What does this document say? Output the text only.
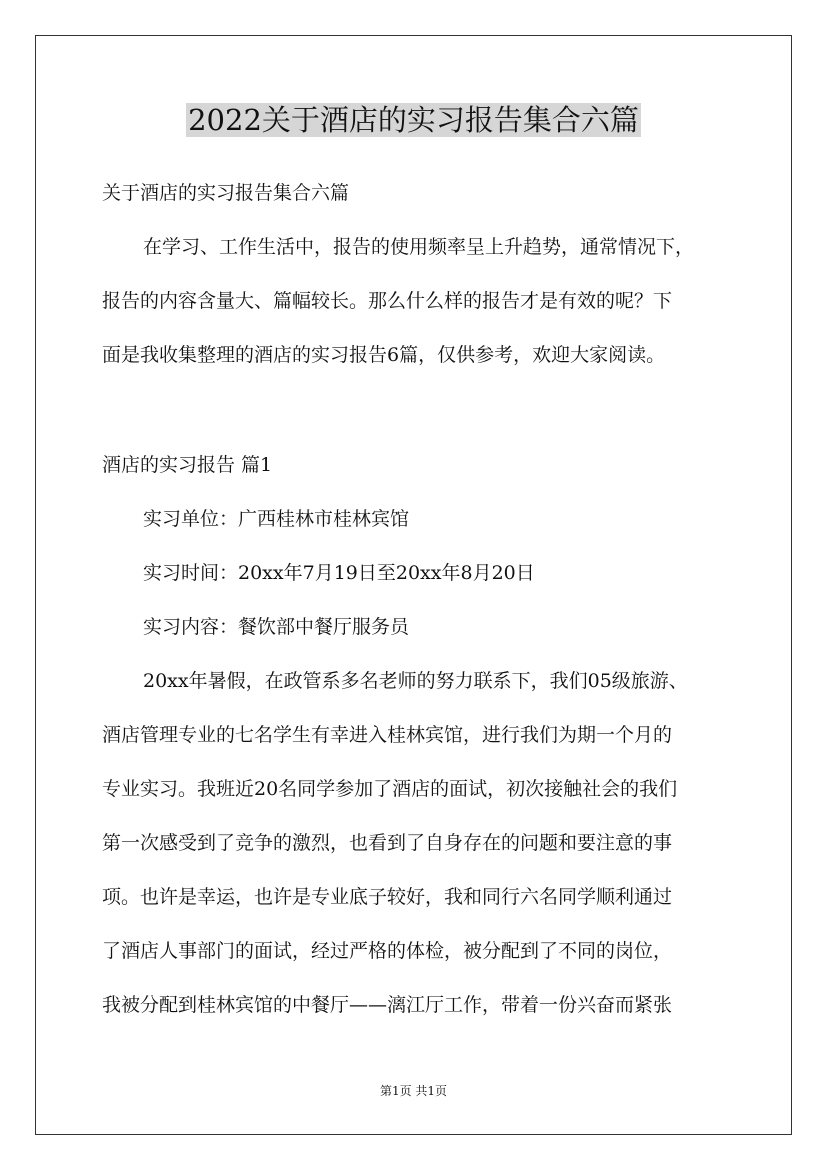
2022关于酒店的实习报告集合六篇
关于酒店的实习报告集合六篇
在学习、工作生活中，报告的使用频率呈上升趋势，通常情况下，
报告的内容含量大、篇幅较长。那么什么样的报告才是有效的呢？下
面是我收集整理的酒店的实习报告6篇，仅供参考，欢迎大家阅读。
酒店的实习报告 篇1
实习单位：广西桂林市桂林宾馆
实习时间：20xx年7月19日至20xx年8月20日
实习内容：餐饮部中餐厅服务员
20xx年暑假，在政管系多名老师的努力联系下，我们05级旅游、
酒店管理专业的七名学生有幸进入桂林宾馆，进行我们为期一个月的
专业实习。我班近20名同学参加了酒店的面试，初次接触社会的我们
第一次感受到了竞争的激烈，也看到了自身存在的问题和要注意的事
项。也许是幸运，也许是专业底子较好，我和同行六名同学顺利通过
了酒店人事部门的面试，经过严格的体检，被分配到了不同的岗位，
我被分配到桂林宾馆的中餐厅——漓江厅工作，带着一份兴奋而紧张
第1页 共1页
